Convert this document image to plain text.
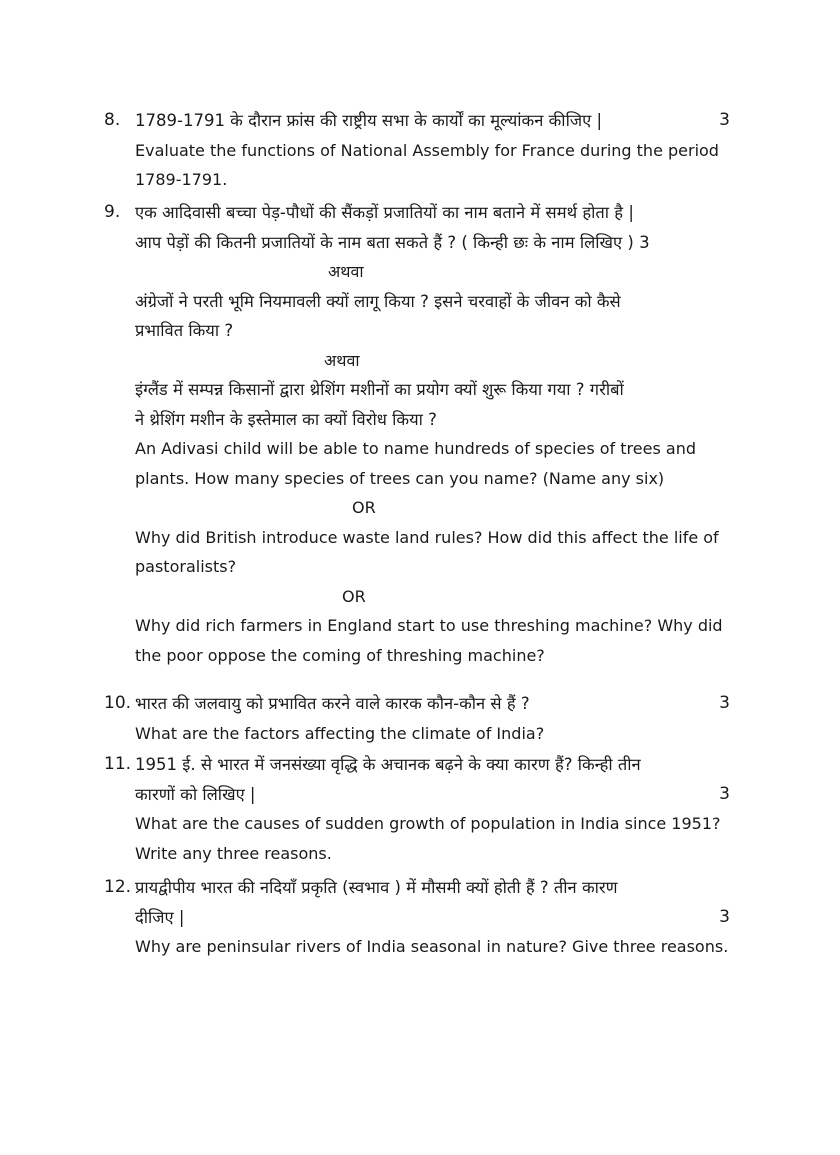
8. 1789-1791 के दौरान फ्रांस की राष्ट्रीय सभा के कार्यों का मूल्यांकन कीजिए |	3
Evaluate the functions of National Assembly for France during the period
1789-1791.
9. एक आदिवासी बच्चा पेड़-पौधों की सैंकड़ों प्रजातियों का नाम बताने में समर्थ होता है |
आप पेड़ों की कितनी प्रजातियों के नाम बता सकते हैं ? ( किन्ही छः के नाम लिखिए ) 3
अथवा
अंग्रेजों ने परती भूमि नियमावली क्यों लागू किया ? इसने चरवाहों के जीवन को कैसे
प्रभावित किया ?
अथवा
इंग्लैंड में सम्पन्न किसानों द्वारा थ्रेशिंग मशीनों का प्रयोग क्यों शुरू किया गया ? गरीबों
ने थ्रेशिंग मशीन के इस्तेमाल का क्यों विरोध किया ?
An Adivasi child will be able to name hundreds of species of trees and
plants. How many species of trees can you name? (Name any six)
OR
Why did British introduce waste land rules? How did this affect the life of
pastoralists?
OR
Why did rich farmers in England start to use threshing machine? Why did
the poor oppose the coming of threshing machine?
10. भारत की जलवायु को प्रभावित करने वाले कारक कौन-कौन से हैं ?	3
What are the factors affecting the climate of India?
11. 1951 ई. से भारत में जनसंख्या वृद्धि के अचानक बढ़ने के क्या कारण हैं? किन्ही तीन
कारणों को लिखिए |	3
What are the causes of sudden growth of population in India since 1951?
Write any three reasons.
12. प्रायद्वीपीय भारत की नदियाँ प्रकृति (स्वभाव ) में मौसमी क्यों होती हैं ? तीन कारण
दीजिए |	3
Why are peninsular rivers of India seasonal in nature? Give three reasons.
